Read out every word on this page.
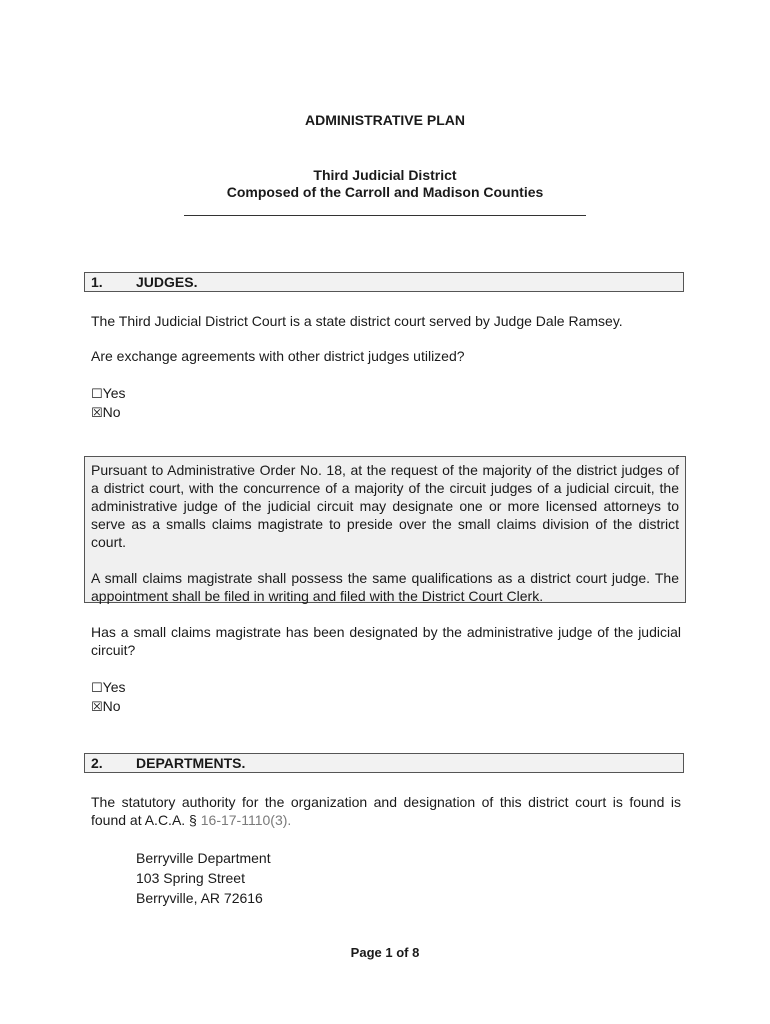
ADMINISTRATIVE PLAN
Third Judicial District
Composed of the Carroll and Madison Counties
1. JUDGES.
The Third Judicial District Court is a state district court served by Judge Dale Ramsey.
Are exchange agreements with other district judges utilized?
☐Yes
☒No

Pursuant to Administrative Order No. 18, at the request of the majority of the district judges of a district court, with the concurrence of a majority of the circuit judges of a judicial circuit, the administrative judge of the judicial circuit may designate one or more licensed attorneys to serve as a smalls claims magistrate to preside over the small claims division of the district court.

A small claims magistrate shall possess the same qualifications as a district court judge. The appointment shall be filed in writing and filed with the District Court Clerk.

Has a small claims magistrate has been designated by the administrative judge of the judicial circuit?
☐Yes
☒No
2. DEPARTMENTS.
The statutory authority for the organization and designation of this district court is found is found at A.C.A. § 16-17-1110(3).
Berryville Department
103 Spring Street
Berryville, AR 72616
Page 1 of 8
